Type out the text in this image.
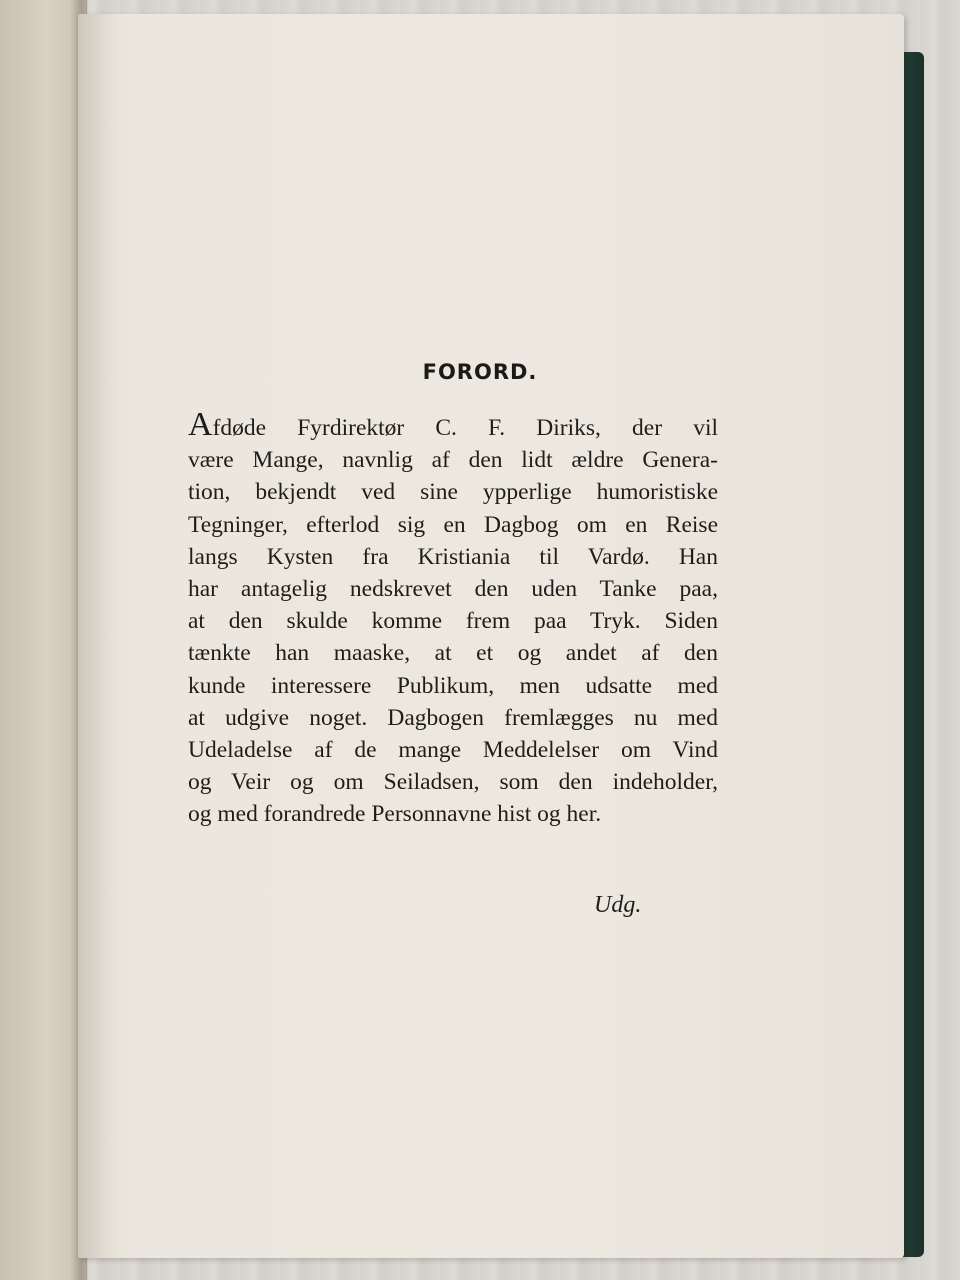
FORORD.
Afdøde Fyrdirektør C. F. Diriks, der vil
være Mange, navnlig af den lidt ældre Genera-
tion, bekjendt ved sine ypperlige humoristiske
Tegninger, efterlod sig en Dagbog om en Reise
langs Kysten fra Kristiania til Vardø. Han
har antagelig nedskrevet den uden Tanke paa,
at den skulde komme frem paa Tryk. Siden
tænkte han maaske, at et og andet af den
kunde interessere Publikum, men udsatte med
at udgive noget. Dagbogen fremlægges nu med
Udeladelse af de mange Meddelelser om Vind
og Veir og om Seiladsen, som den indeholder,
og med forandrede Personnavne hist og her.
Udg.
